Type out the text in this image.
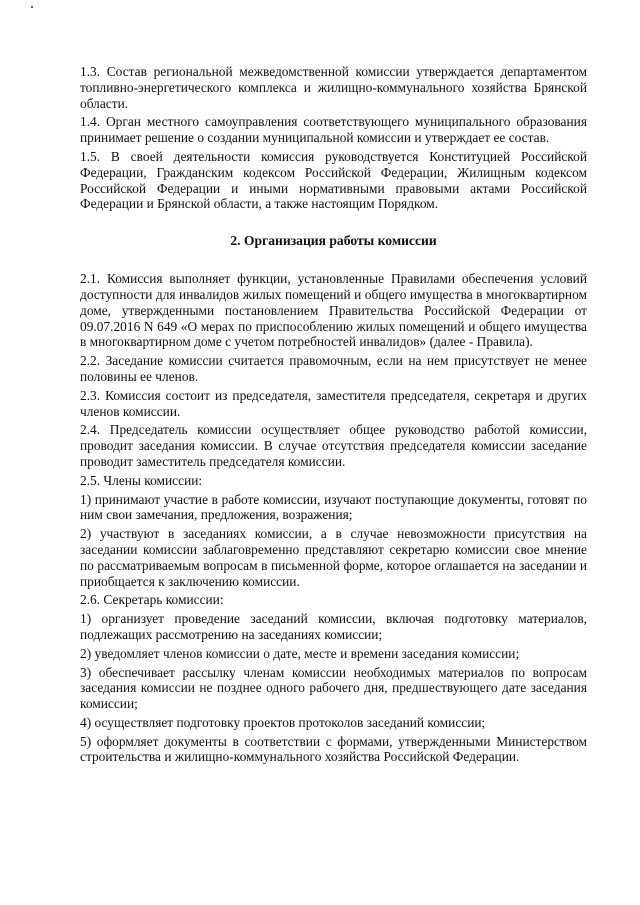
1.3. Состав региональной межведомственной комиссии утверждается департаментом топливно-энергетического комплекса и жилищно-коммунального хозяйства Брянской области.

1.4. Орган местного самоуправления соответствующего муниципального образования принимает решение о создании муниципальной комиссии и утверждает ее состав.

1.5. В своей деятельности комиссия руководствуется Конституцией Российской Федерации, Гражданским кодексом Российской Федерации, Жилищным кодексом Российской Федерации и иными нормативными правовыми актами Российской Федерации и Брянской области, а также настоящим Порядком.

2. Организация работы комиссии

2.1. Комиссия выполняет функции, установленные Правилами обеспечения условий доступности для инвалидов жилых помещений и общего имущества в многоквартирном доме, утвержденными постановлением Правительства Российской Федерации от 09.07.2016 N 649 «О мерах по приспособлению жилых помещений и общего имущества в многоквартирном доме с учетом потребностей инвалидов» (далее - Правила).

2.2. Заседание комиссии считается правомочным, если на нем присутствует не менее половины ее членов.

2.3. Комиссия состоит из председателя, заместителя председателя, секретаря и других членов комиссии.

2.4. Председатель комиссии осуществляет общее руководство работой комиссии, проводит заседания комиссии. В случае отсутствия председателя комиссии заседание проводит заместитель председателя комиссии.

2.5. Члены комиссии:

1) принимают участие в работе комиссии, изучают поступающие документы, готовят по ним свои замечания, предложения, возражения;

2) участвуют в заседаниях комиссии, а в случае невозможности присутствия на заседании комиссии заблаговременно представляют секретарю комиссии свое мнение по рассматриваемым вопросам в письменной форме, которое оглашается на заседании и приобщается к заключению комиссии.

2.6. Секретарь комиссии:

1) организует проведение заседаний комиссии, включая подготовку материалов, подлежащих рассмотрению на заседаниях комиссии;

2) уведомляет членов комиссии о дате, месте и времени заседания комиссии;

3) обеспечивает рассылку членам комиссии необходимых материалов по вопросам заседания комиссии не позднее одного рабочего дня, предшествующего дате заседания комиссии;

4) осуществляет подготовку проектов протоколов заседаний комиссии;

5) оформляет документы в соответствии с формами, утвержденными Министерством строительства и жилищно-коммунального хозяйства Российской Федерации.
